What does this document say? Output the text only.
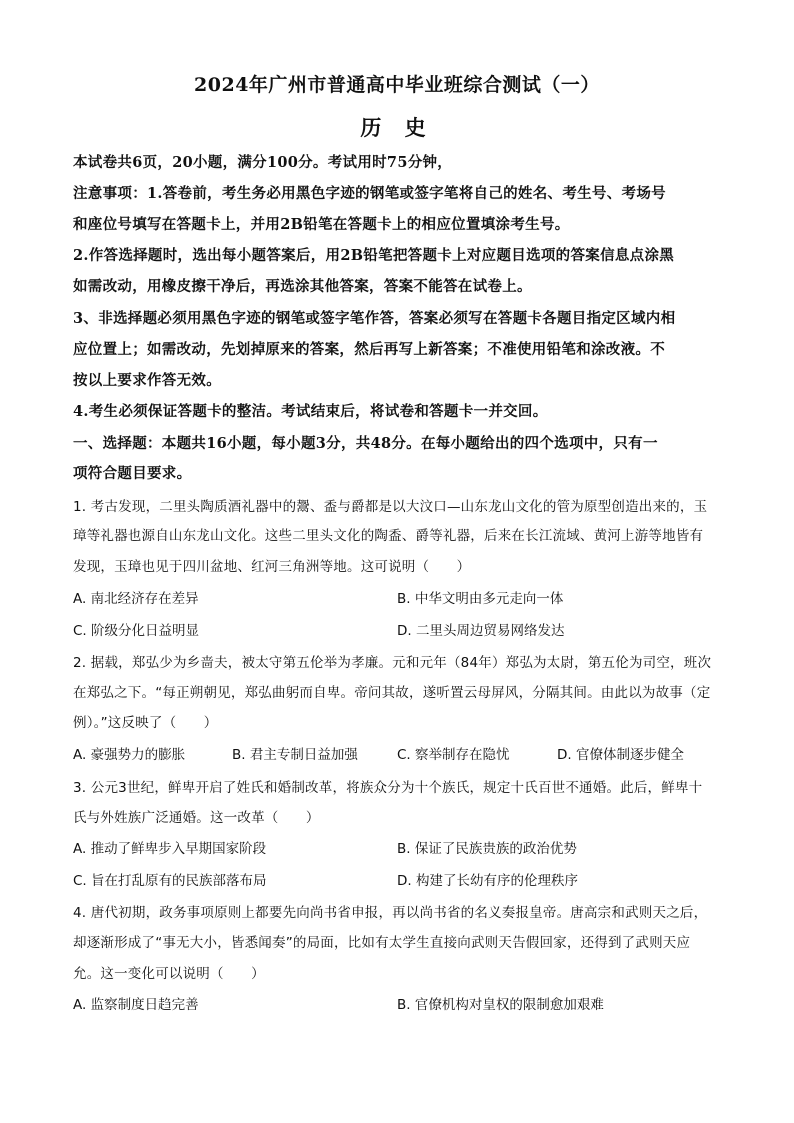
2024年广州市普通高中毕业班综合测试（一）
历 史
本试卷共6页，20小题，满分100分。考试用时75分钟，
注意事项：1.答卷前，考生务必用黑色字迹的钢笔或签字笔将自己的姓名、考生号、考场号
和座位号填写在答题卡上，并用2B铅笔在答题卡上的相应位置填涂考生号。
2.作答选择题时，选出每小题答案后，用2B铅笔把答题卡上对应题目选项的答案信息点涂黑
如需改动，用橡皮擦干净后，再选涂其他答案，答案不能答在试卷上。
3、非选择题必须用黑色字迹的钢笔或签字笔作答，答案必须写在答题卡各题目指定区域内相
应位置上；如需改动，先划掉原来的答案，然后再写上新答案；不准使用铅笔和涂改液。不
按以上要求作答无效。
4.考生必须保证答题卡的整洁。考试结束后，将试卷和答题卡一并交回。
一、选择题：本题共16小题，每小题3分，共48分。在每小题给出的四个选项中，只有一
项符合题目要求。
1. 考古发现，二里头陶质酒礼器中的鬶、盉与爵都是以大汶口—山东龙山文化的管为原型创造出来的，玉
璋等礼器也源自山东龙山文化。这些二里头文化的陶盉、爵等礼器，后来在长江流域、黄河上游等地皆有
发现，玉璋也见于四川盆地、红河三角洲等地。这可说明（　　）
A. 南北经济存在差异	B. 中华文明由多元走向一体
C. 阶级分化日益明显	D. 二里头周边贸易网络发达
2. 据载，郑弘少为乡啬夫，被太守第五伦举为孝廉。元和元年（84年）郑弘为太尉，第五伦为司空，班次
在郑弘之下。“每正朔朝见，郑弘曲躬而自卑。帝问其故，遂听置云母屏风，分隔其间。由此以为故事（定
例）。”这反映了（　　）
A. 豪强势力的膨胀	B. 君主专制日益加强	C. 察举制存在隐忧	D. 官僚体制逐步健全
3. 公元3世纪，鲜卑开启了姓氏和婚制改革，将族众分为十个族氏，规定十氏百世不通婚。此后，鲜卑十
氏与外姓族广泛通婚。这一改革（　　）
A. 推动了鲜卑步入早期国家阶段	B. 保证了民族贵族的政治优势
C. 旨在打乱原有的民族部落布局	D. 构建了长幼有序的伦理秩序
4. 唐代初期，政务事项原则上都要先向尚书省申报，再以尚书省的名义奏报皇帝。唐高宗和武则天之后，
却逐渐形成了“事无大小，皆悉闻奏”的局面，比如有太学生直接向武则天告假回家，还得到了武则天应
允。这一变化可以说明（　　）
A. 监察制度日趋完善	B. 官僚机构对皇权的限制愈加艰难
